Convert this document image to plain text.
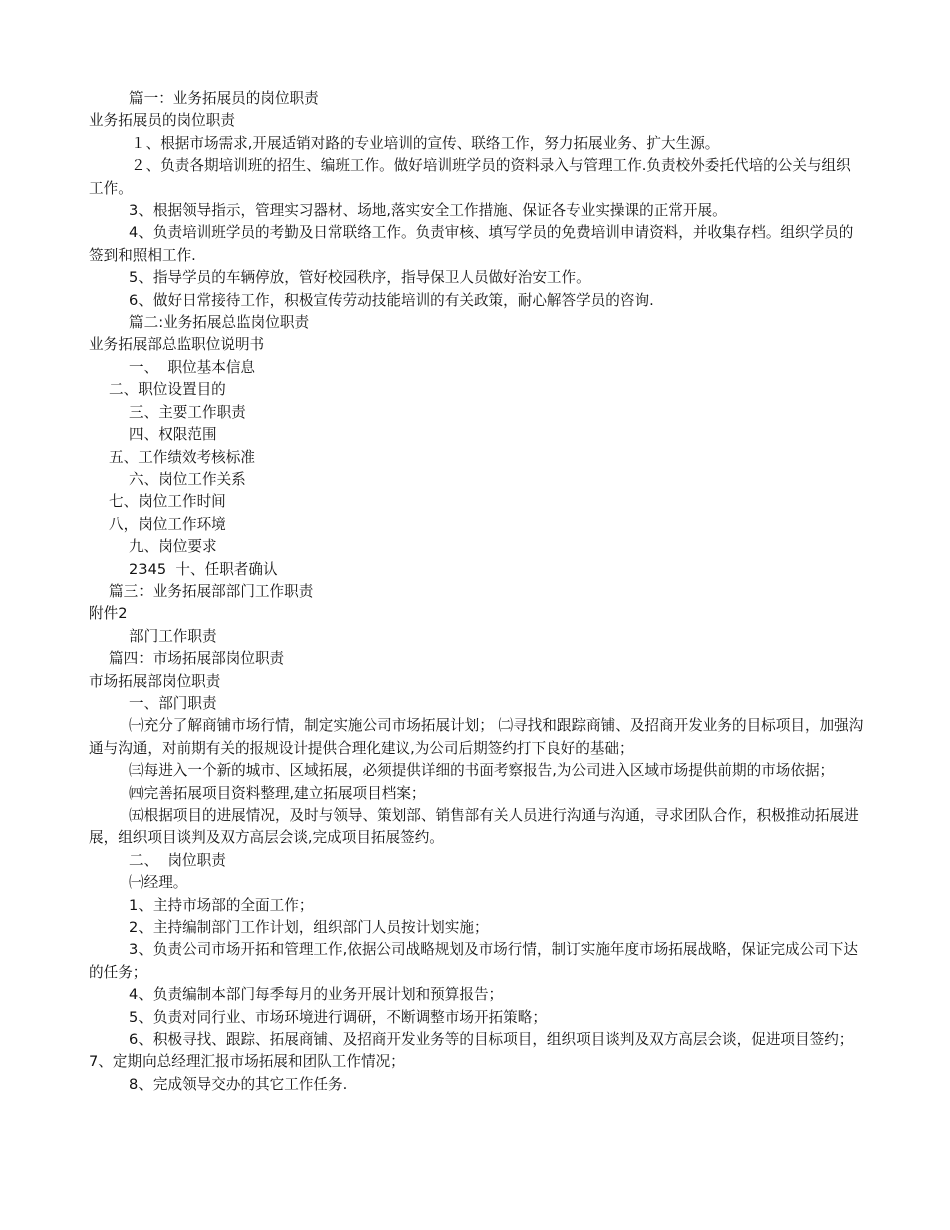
篇一：业务拓展员的岗位职责

业务拓展员的岗位职责

１、根据市场需求,开展适销对路的专业培训的宣传、联络工作，努力拓展业务、扩大生源。

２、负责各期培训班的招生、编班工作。做好培训班学员的资料录入与管理工作.负责校外委托代培的公关与组织工作。

3、根据领导指示，管理实习器材、场地,落实安全工作措施、保证各专业实操课的正常开展。

4、负责培训班学员的考勤及日常联络工作。负责审核、填写学员的免费培训申请资料，并收集存档。组织学员的签到和照相工作.

5、指导学员的车辆停放，管好校园秩序，指导保卫人员做好治安工作。

6、做好日常接待工作，积极宣传劳动技能培训的有关政策，耐心解答学员的咨询.

篇二:业务拓展总监岗位职责

业务拓展部总监职位说明书

一、  职位基本信息

二、职位设置目的

三、主要工作职责

四、权限范围

五、工作绩效考核标准

六、岗位工作关系

七、岗位工作时间

八，岗位工作环境

九、岗位要求

2345  十、任职者确认

篇三：业务拓展部部门工作职责

附件2

部门工作职责

篇四：市场拓展部岗位职责

市场拓展部岗位职责

一、部门职责

㈠充分了解商铺市场行情，制定实施公司市场拓展计划； ㈡寻找和跟踪商铺、及招商开发业务的目标项目，加强沟通与沟通，对前期有关的报规设计提供合理化建议,为公司后期签约打下良好的基础；

㈢每进入一个新的城市、区域拓展，必须提供详细的书面考察报告,为公司进入区域市场提供前期的市场依据；

㈣完善拓展项目资料整理,建立拓展项目档案；

㈤根据项目的进展情况，及时与领导、策划部、销售部有关人员进行沟通与沟通，寻求团队合作，积极推动拓展进展，组织项目谈判及双方高层会谈,完成项目拓展签约。

二、  岗位职责

㈠经理。

1、主持市场部的全面工作；

2、主持编制部门工作计划，组织部门人员按计划实施；

3、负责公司市场开拓和管理工作,依据公司战略规划及市场行情，制订实施年度市场拓展战略，保证完成公司下达的任务；

4、负责编制本部门每季每月的业务开展计划和预算报告；

5、负责对同行业、市场环境进行调研，不断调整市场开拓策略；

6、积极寻找、跟踪、拓展商铺、及招商开发业务等的目标项目，组织项目谈判及双方高层会谈，促进项目签约；

7、定期向总经理汇报市场拓展和团队工作情况；

8、完成领导交办的其它工作任务.
